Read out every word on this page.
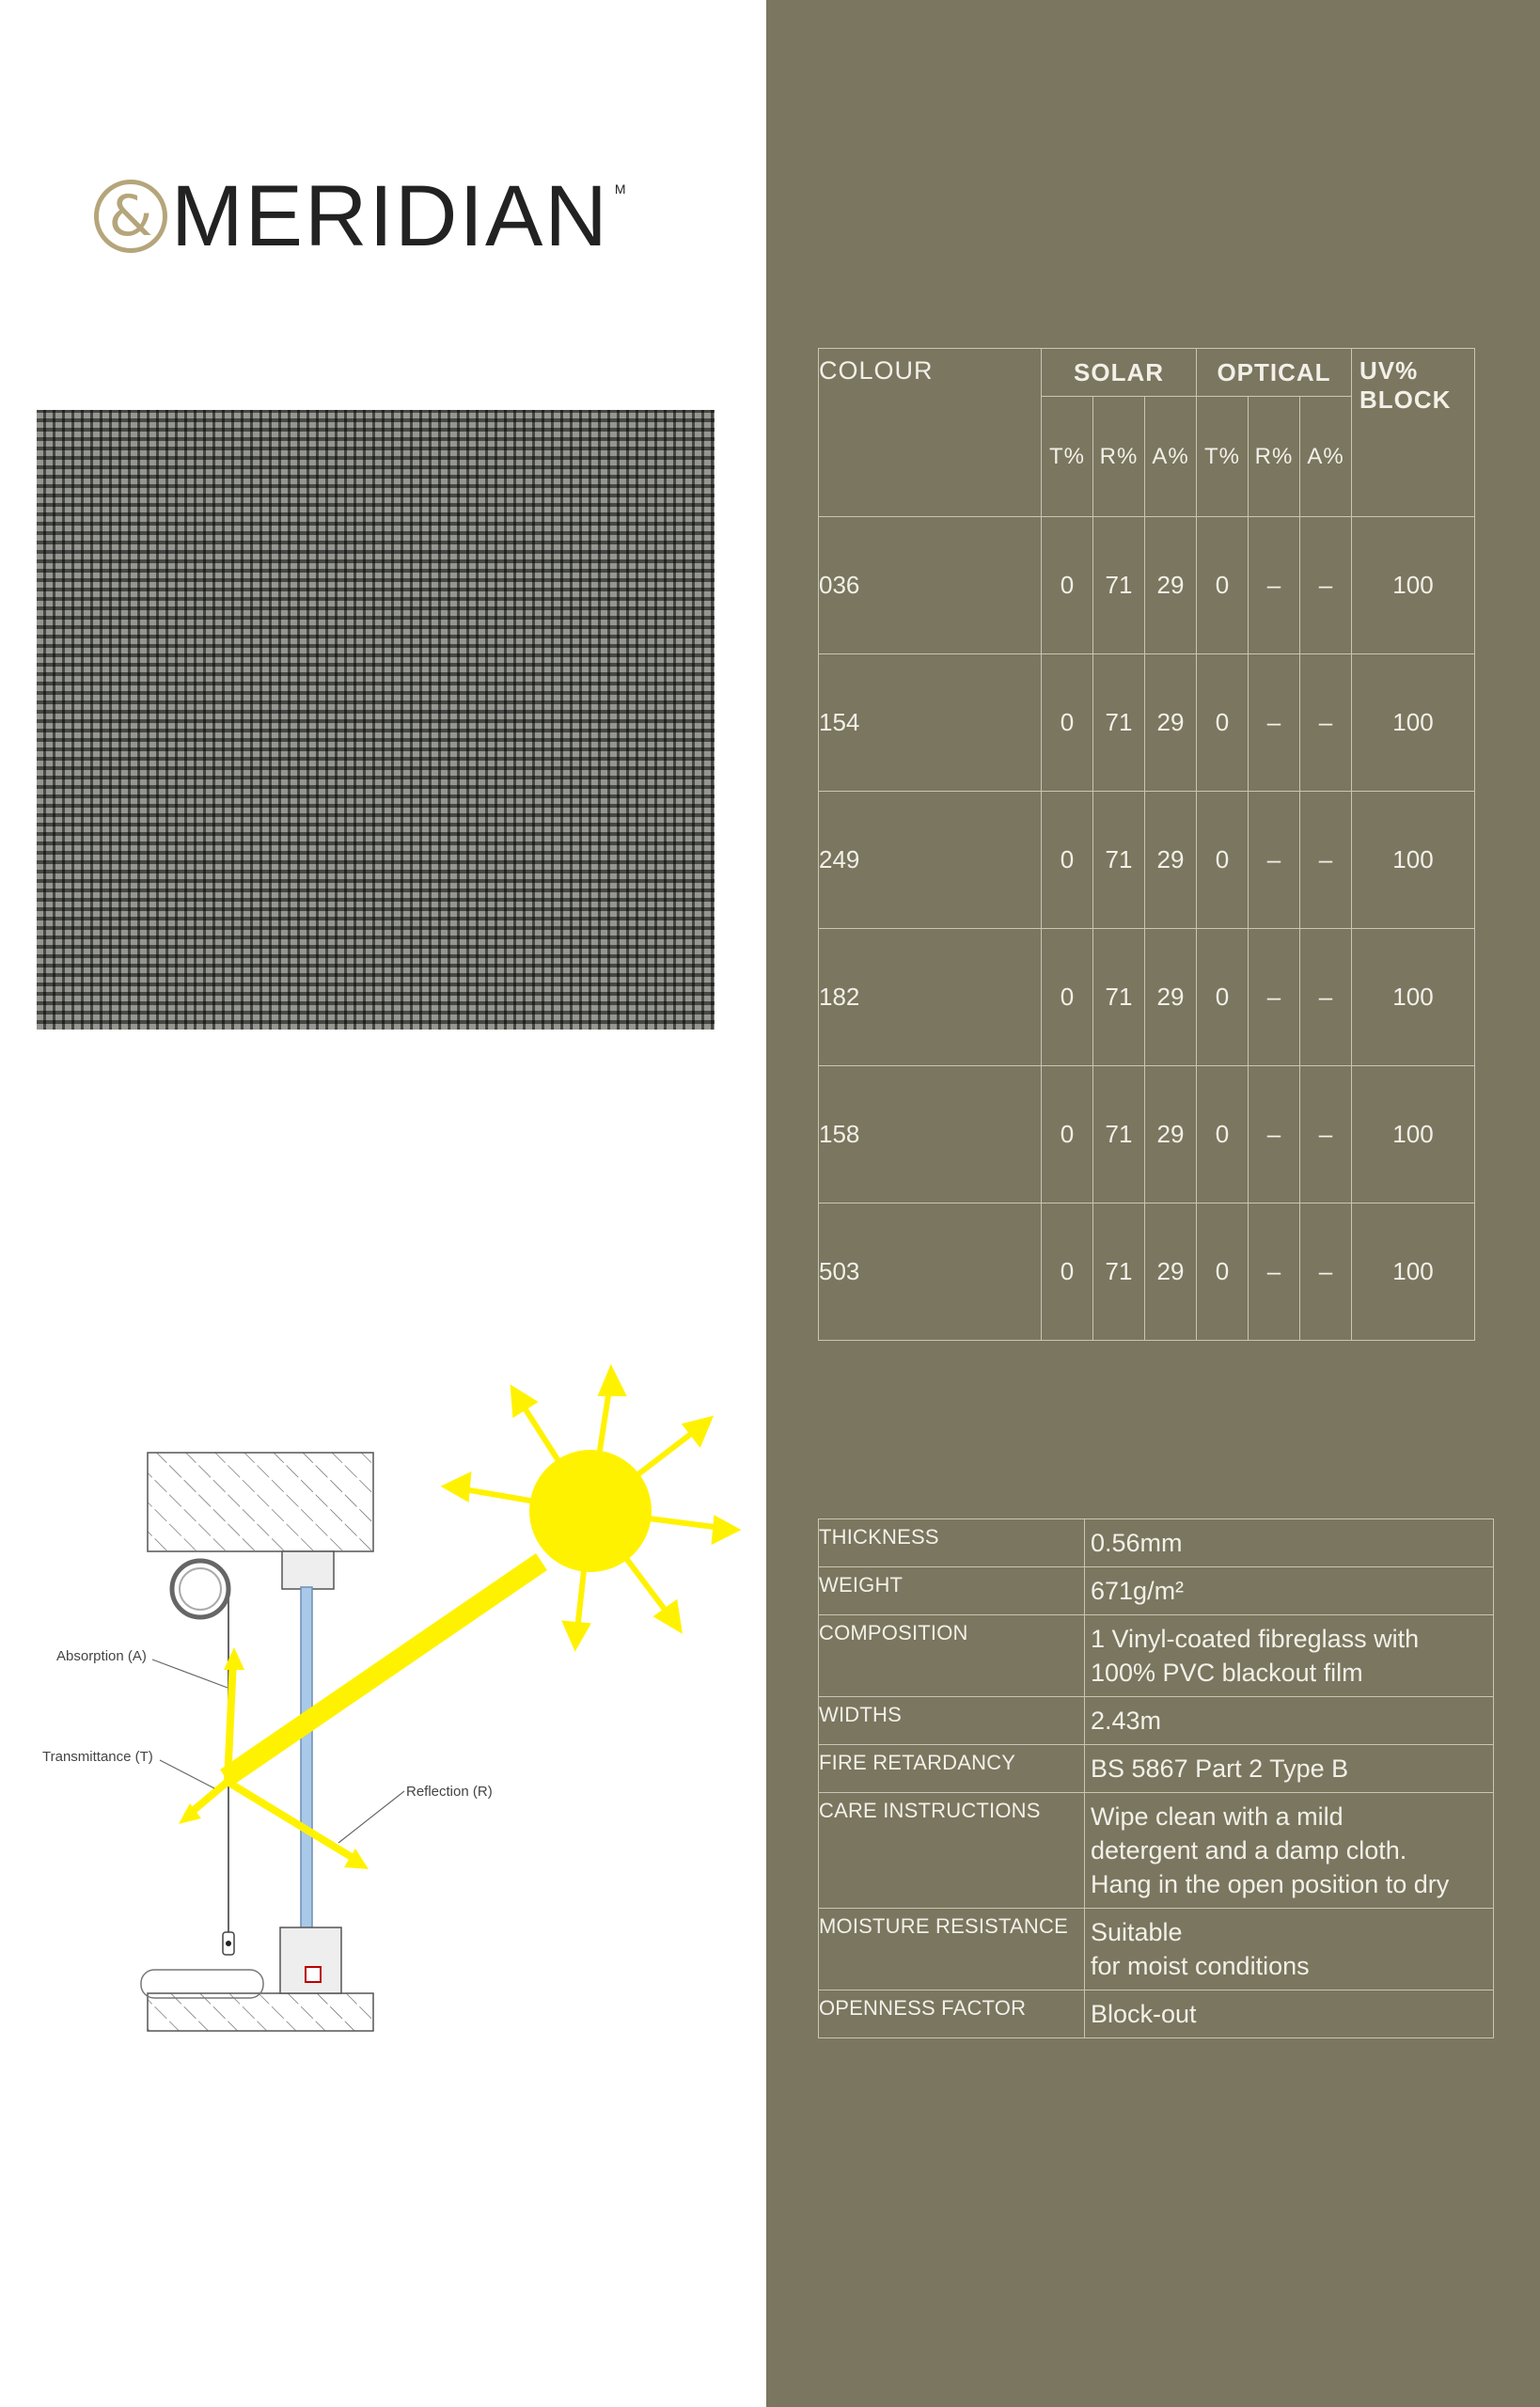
& MERIDIAN M
Absorption (A)
Transmittance (T)
Reflection (R)
COLOUR	SOLAR			OPTICAL			UV%
BLOCK
	T%	R%	A%	T%	R%	A%	
036	0	71	29	0	–	–	100
154	0	71	29	0	–	–	100
249	0	71	29	0	–	–	100
182	0	71	29	0	–	–	100
158	0	71	29	0	–	–	100
503	0	71	29	0	–	–	100
THICKNESS	0.56mm
WEIGHT	671g/m²
COMPOSITION	1 Vinyl-coated fibreglass with
100% PVC blackout film
WIDTHS	2.43m
FIRE RETARDANCY	BS 5867 Part 2 Type B
CARE INSTRUCTIONS	Wipe clean with a mild
detergent and a damp cloth.
Hang in the open position to dry
MOISTURE RESISTANCE	Suitable
for moist conditions
OPENNESS FACTOR	Block-out
